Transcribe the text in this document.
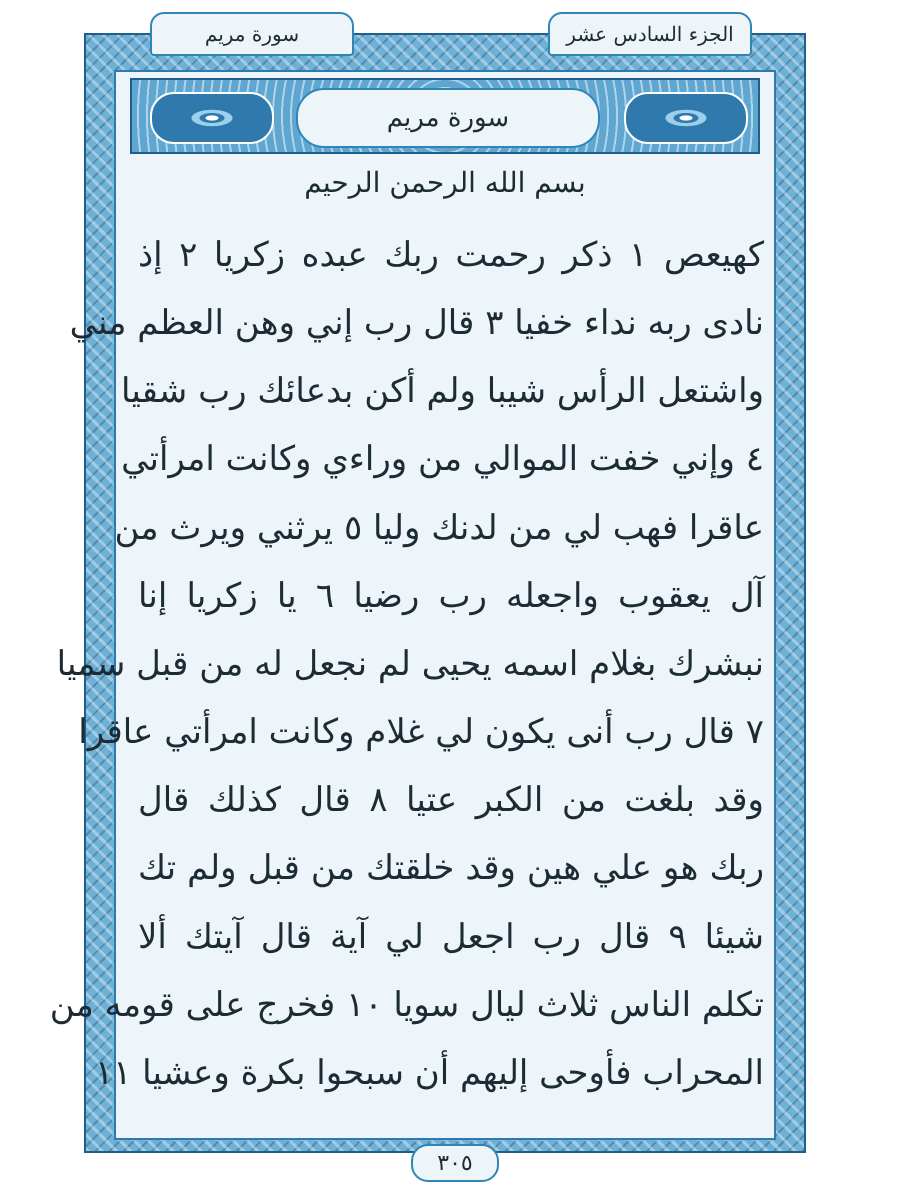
الجزء السادس عشر
سورة مريم
سورة مريم
بسم الله الرحمن الرحيم
كهيعص ١ ذكر رحمت ربك عبده زكريا ٢ إذ
نادى ربه نداء خفيا ٣ قال رب إني وهن العظم مني
واشتعل الرأس شيبا ولم أكن بدعائك رب شقيا
٤ وإني خفت الموالي من وراءي وكانت امرأتي
عاقرا فهب لي من لدنك وليا ٥ يرثني ويرث من
آل يعقوب واجعله رب رضيا ٦ يا زكريا إنا
نبشرك بغلام اسمه يحيى لم نجعل له من قبل سميا
٧ قال رب أنى يكون لي غلام وكانت امرأتي عاقرا
وقد بلغت من الكبر عتيا ٨ قال كذلك قال
ربك هو علي هين وقد خلقتك من قبل ولم تك
شيئا ٩ قال رب اجعل لي آية قال آيتك ألا
تكلم الناس ثلاث ليال سويا ١٠ فخرج على قومه من
المحراب فأوحى إليهم أن سبحوا بكرة وعشيا ١١
٣٠٥
